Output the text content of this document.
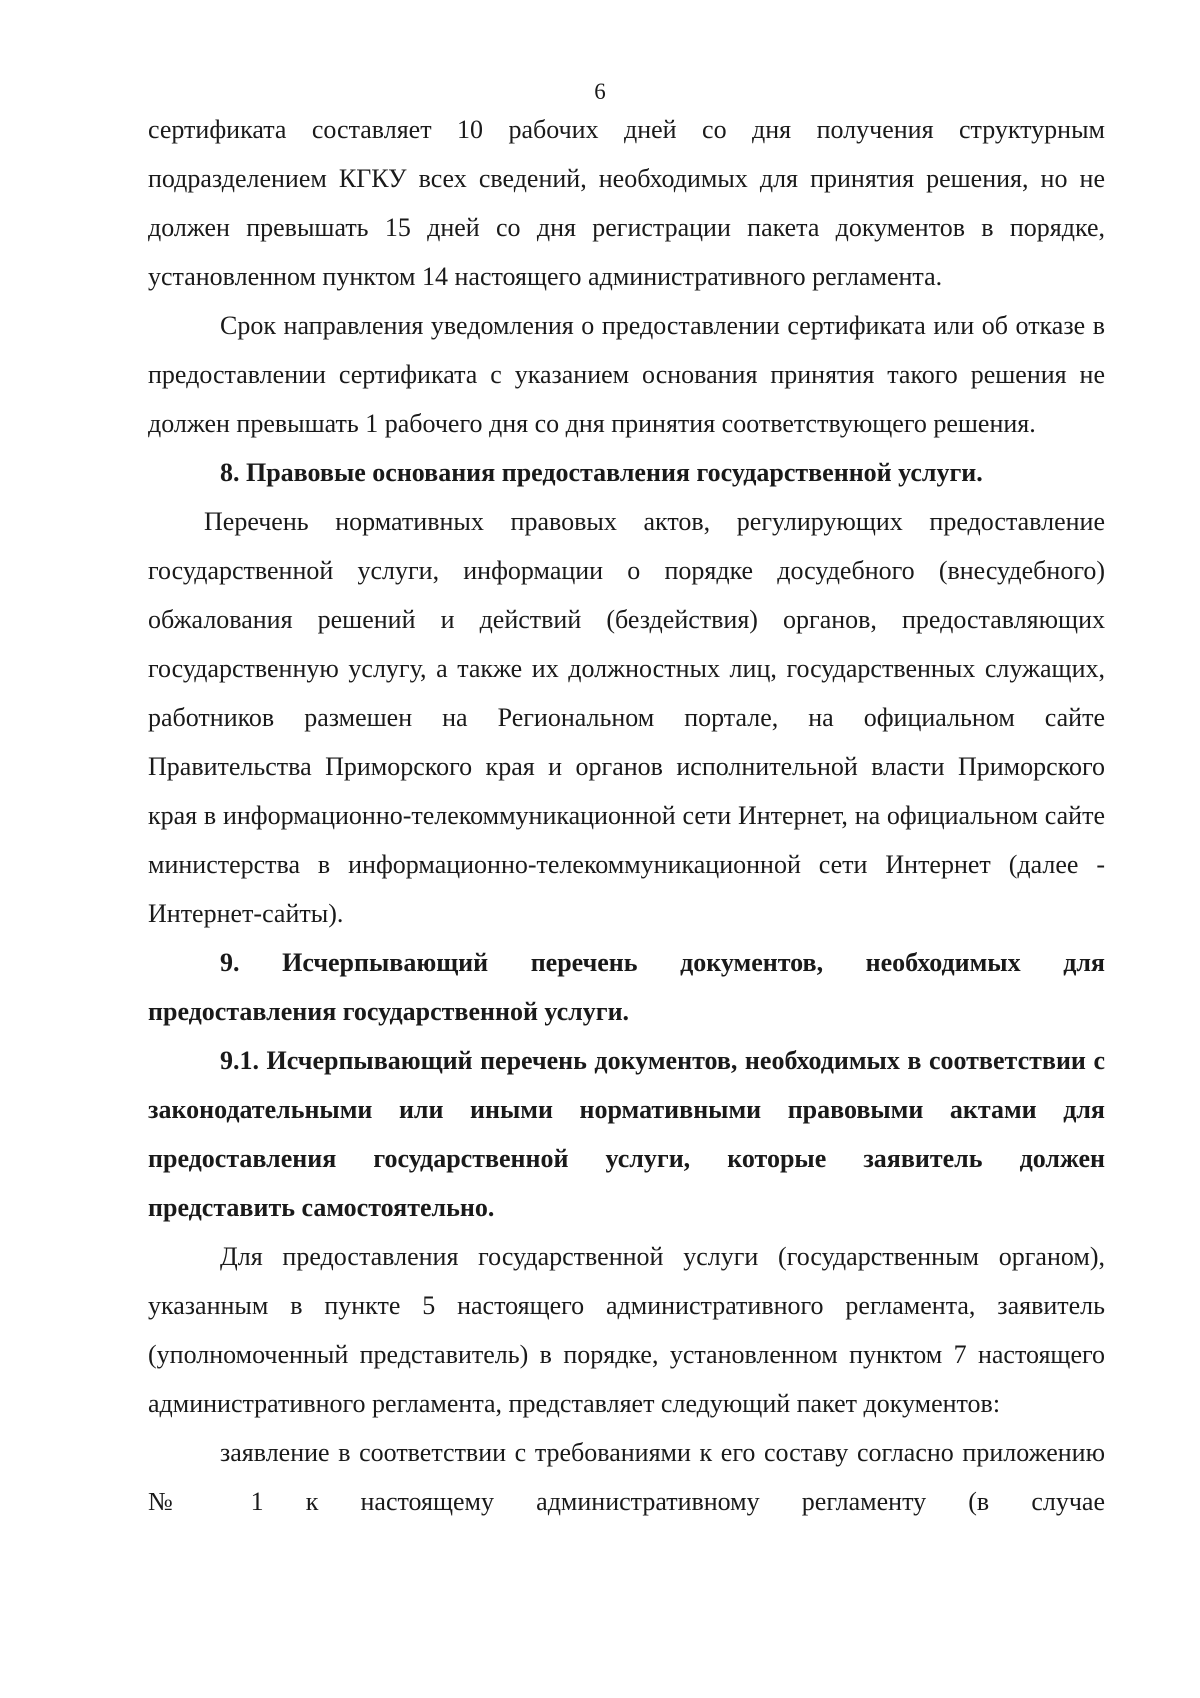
6

сертификата составляет 10 рабочих дней со дня получения структурным подразделением КГКУ всех сведений, необходимых для принятия решения, но не должен превышать 15 дней со дня регистрации пакета документов в порядке, установленном пунктом 14 настоящего административного регламента.

Срок направления уведомления о предоставлении сертификата или об отказе в предоставлении сертификата с указанием основания принятия такого решения не должен превышать 1 рабочего дня со дня принятия соответствующего решения.

8. Правовые основания предоставления государственной услуги.

Перечень нормативных правовых актов, регулирующих предоставление государственной услуги, информации о порядке досудебного (внесудебного) обжалования решений и действий (бездействия) органов, предоставляющих государственную услугу, а также их должностных лиц, государственных служащих, работников размешен на Региональном портале, на официальном сайте Правительства Приморского края и органов исполнительной власти Приморского края в информационно-телекоммуникационной сети Интернет, на официальном сайте министерства в информационно-телекоммуникационной сети Интернет (далее - Интернет-сайты).

9. Исчерпывающий перечень документов, необходимых для предоставления государственной услуги.

9.1. Исчерпывающий перечень документов, необходимых в соответствии с законодательными или иными нормативными правовыми актами для предоставления государственной услуги, которые заявитель должен представить самостоятельно.

Для предоставления государственной услуги (государственным органом), указанным в пункте 5 настоящего административного регламента, заявитель (уполномоченный представитель) в порядке, установленном пунктом 7 настоящего административного регламента, представляет следующий пакет документов:

заявление в соответствии с требованиями к его составу согласно приложению № 1 к настоящему административному регламенту (в случае
